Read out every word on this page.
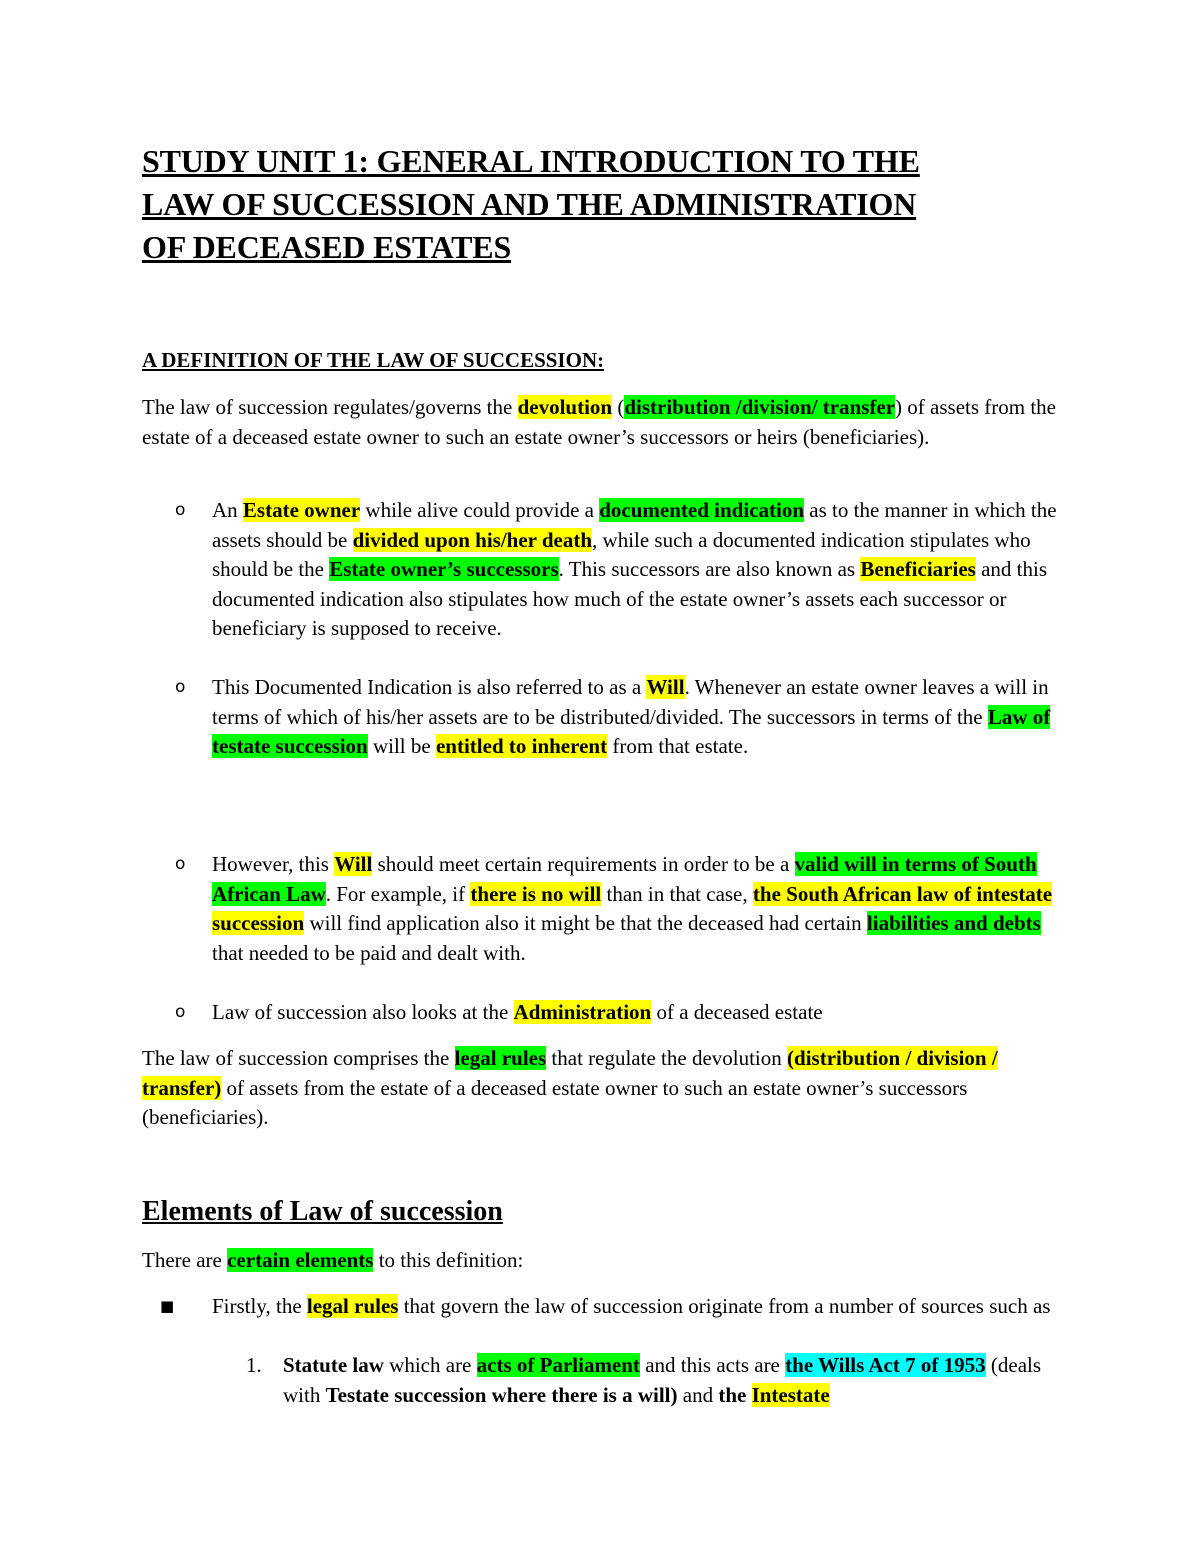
STUDY UNIT 1: GENERAL INTRODUCTION TO THE
LAW OF SUCCESSION AND THE ADMINISTRATION
OF DECEASED ESTATES
A DEFINITION OF THE LAW OF SUCCESSION:

The law of succession regulates/governs the devolution (distribution /division/ transfer) of assets from the estate of a deceased estate owner to such an estate owner’s successors or heirs (beneficiaries).

o An Estate owner while alive could provide a documented indication as to the manner in which the assets should be divided upon his/her death, while such a documented indication stipulates who should be the Estate owner’s successors. This successors are also known as Beneficiaries and this documented indication also stipulates how much of the estate owner’s assets each successor or beneficiary is supposed to receive.

o This Documented Indication is also referred to as a Will. Whenever an estate owner leaves a will in terms of which of his/her assets are to be distributed/divided. The successors in terms of the Law of testate succession will be entitled to inherent from that estate.

o However, this Will should meet certain requirements in order to be a valid will in terms of South African Law. For example, if there is no will than in that case, the South African law of intestate succession will find application also it might be that the deceased had certain liabilities and debts that needed to be paid and dealt with.

o Law of succession also looks at the Administration of a deceased estate

The law of succession comprises the legal rules that regulate the devolution (distribution / division / transfer) of assets from the estate of a deceased estate owner to such an estate owner’s successors (beneficiaries).

Elements of Law of succession

There are certain elements to this definition:

■ Firstly, the legal rules that govern the law of succession originate from a number of sources such as

1. Statute law which are acts of Parliament and this acts are the Wills Act 7 of 1953 (deals with Testate succession where there is a will) and the Intestate
